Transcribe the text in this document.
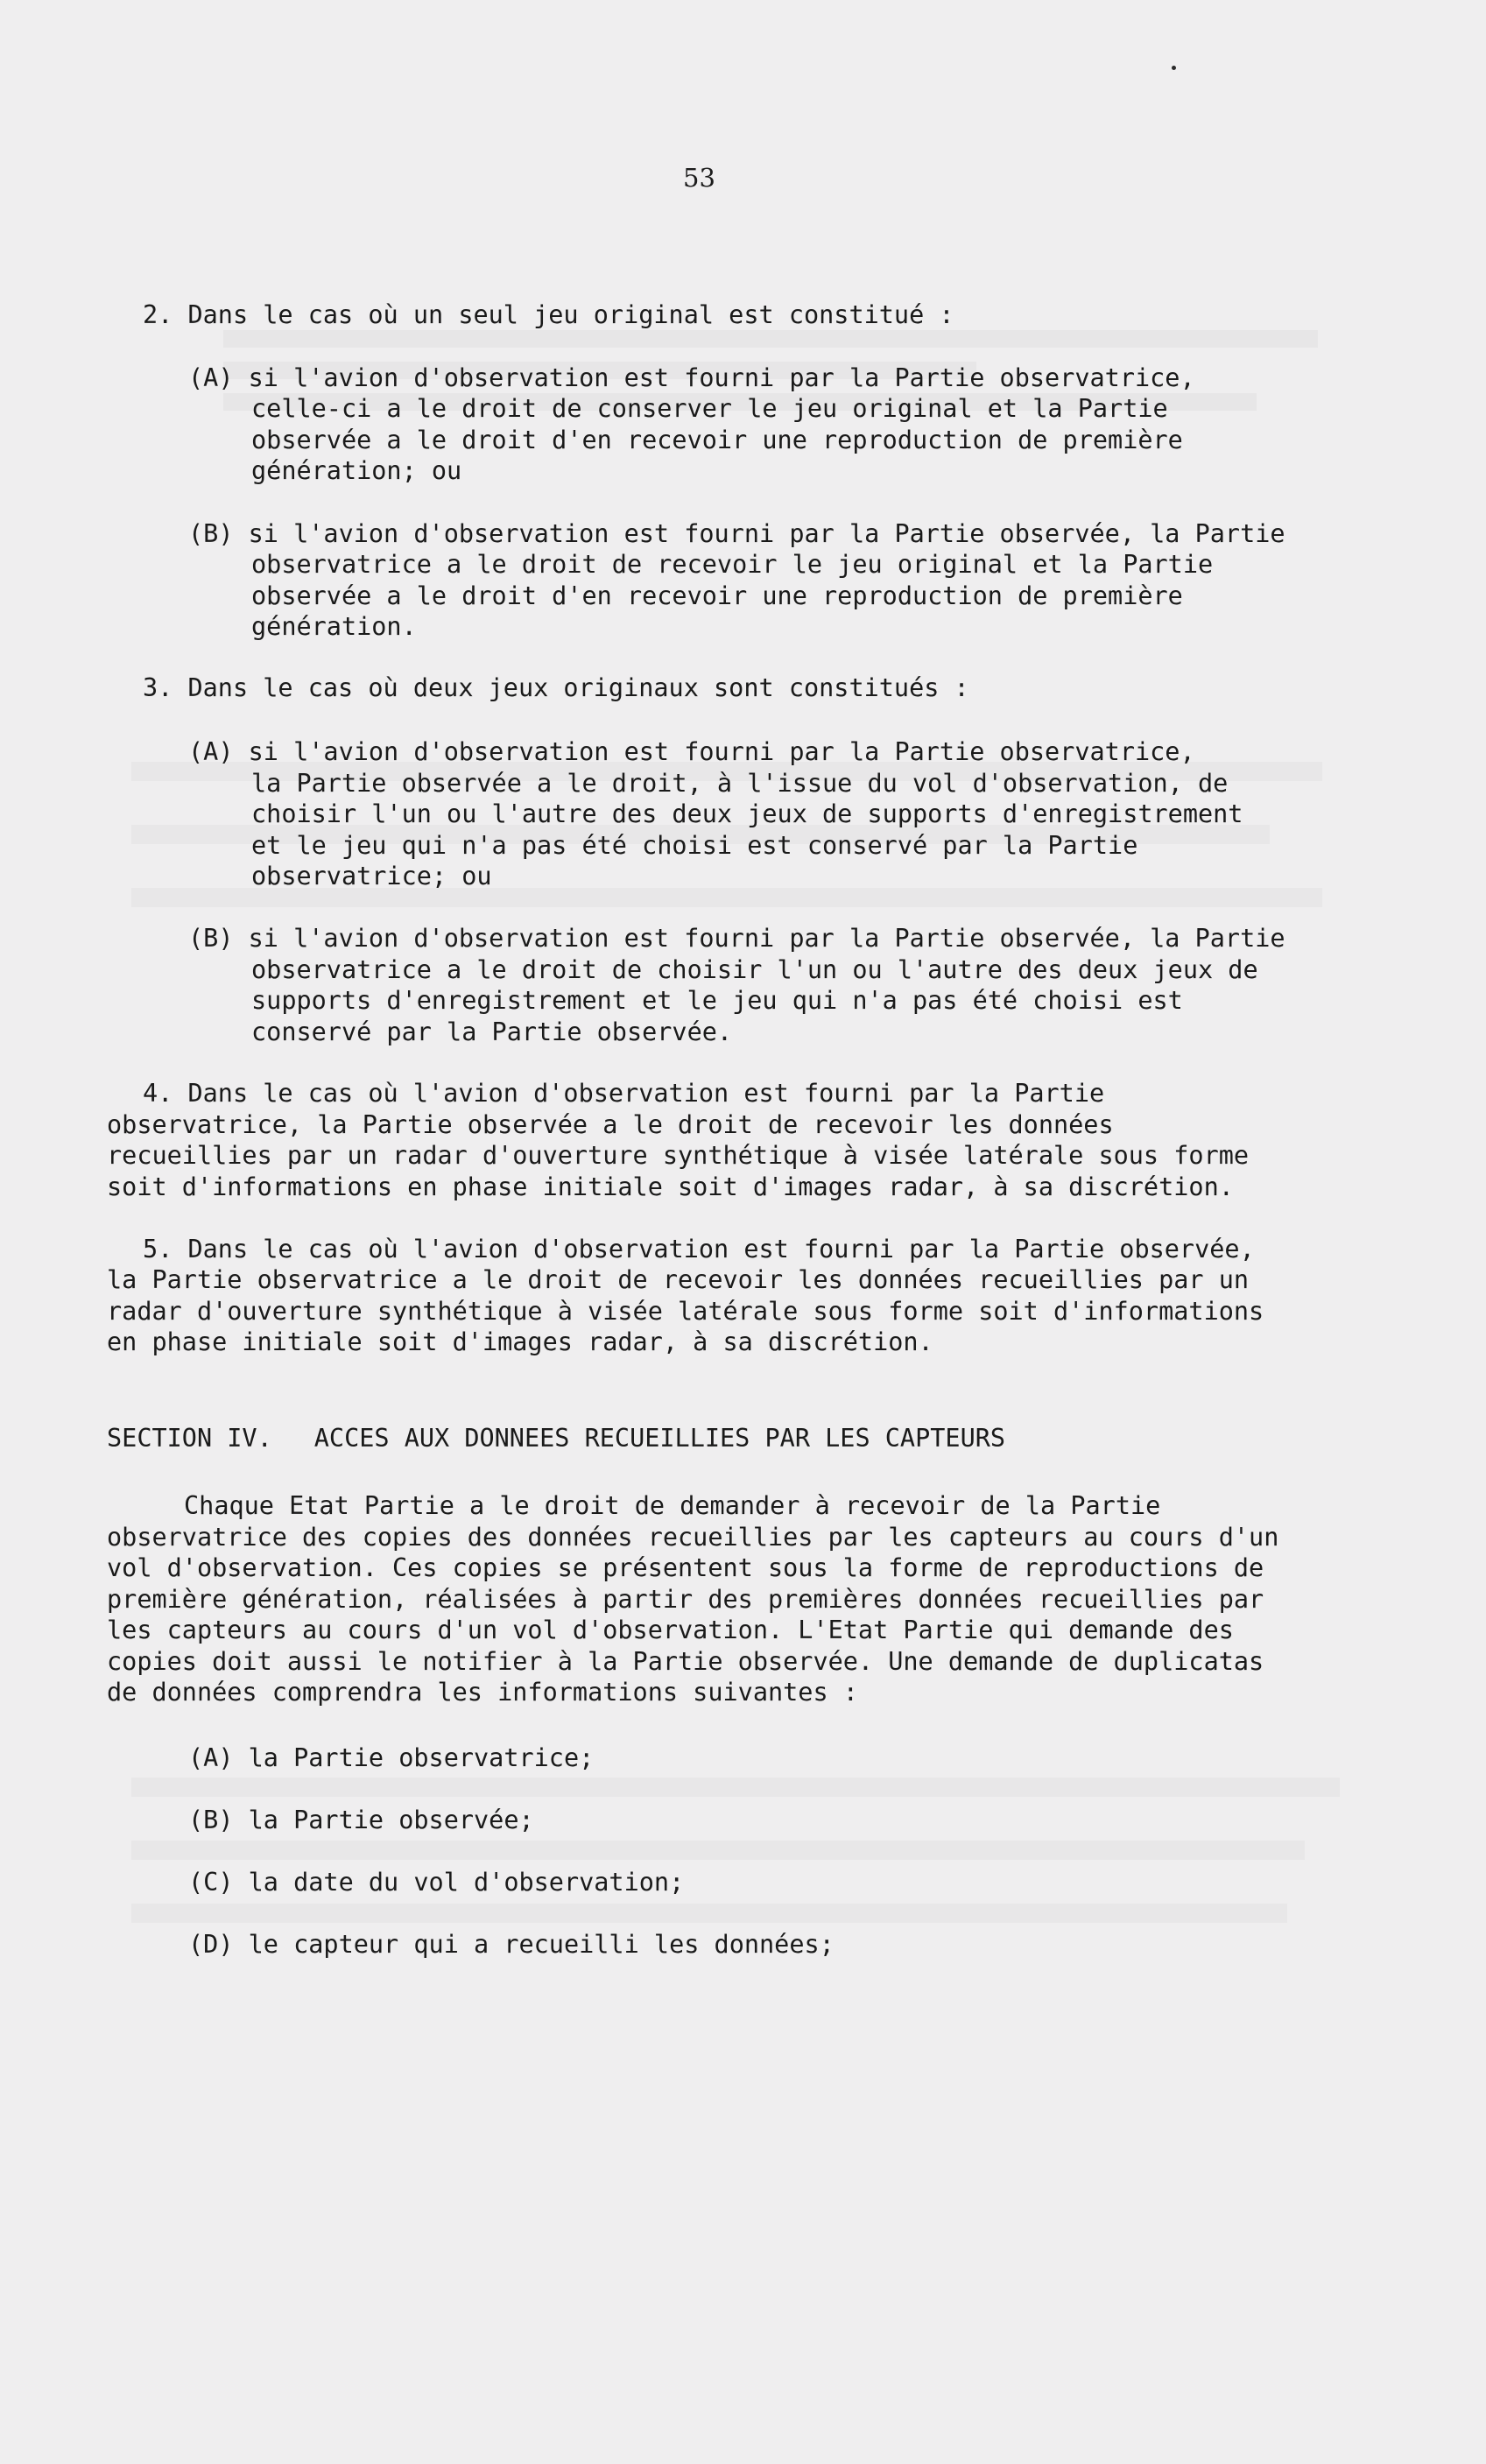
53

2. Dans le cas où un seul jeu original est constitué :
(A) si l'avion d'observation est fourni par la Partie observatrice,
celle-ci a le droit de conserver le jeu original et la Partie
observée a le droit d'en recevoir une reproduction de première
génération; ou
(B) si l'avion d'observation est fourni par la Partie observée, la Partie
observatrice a le droit de recevoir le jeu original et la Partie
observée a le droit d'en recevoir une reproduction de première
génération.
3. Dans le cas où deux jeux originaux sont constitués :
(A) si l'avion d'observation est fourni par la Partie observatrice,
la Partie observée a le droit, à l'issue du vol d'observation, de
choisir l'un ou l'autre des deux jeux de supports d'enregistrement
et le jeu qui n'a pas été choisi est conservé par la Partie
observatrice; ou
(B) si l'avion d'observation est fourni par la Partie observée, la Partie
observatrice a le droit de choisir l'un ou l'autre des deux jeux de
supports d'enregistrement et le jeu qui n'a pas été choisi est
conservé par la Partie observée.
4. Dans le cas où l'avion d'observation est fourni par la Partie
observatrice, la Partie observée a le droit de recevoir les données
recueillies par un radar d'ouverture synthétique à visée latérale sous forme
soit d'informations en phase initiale soit d'images radar, à sa discrétion.
5. Dans le cas où l'avion d'observation est fourni par la Partie observée,
la Partie observatrice a le droit de recevoir les données recueillies par un
radar d'ouverture synthétique à visée latérale sous forme soit d'informations
en phase initiale soit d'images radar, à sa discrétion.
SECTION IV. ACCES AUX DONNEES RECUEILLIES PAR LES CAPTEURS
Chaque Etat Partie a le droit de demander à recevoir de la Partie
observatrice des copies des données recueillies par les capteurs au cours d'un
vol d'observation. Ces copies se présentent sous la forme de reproductions de
première génération, réalisées à partir des premières données recueillies par
les capteurs au cours d'un vol d'observation. L'Etat Partie qui demande des
copies doit aussi le notifier à la Partie observée. Une demande de duplicatas
de données comprendra les informations suivantes :
(A) la Partie observatrice;
(B) la Partie observée;
(C) la date du vol d'observation;
(D) le capteur qui a recueilli les données;
